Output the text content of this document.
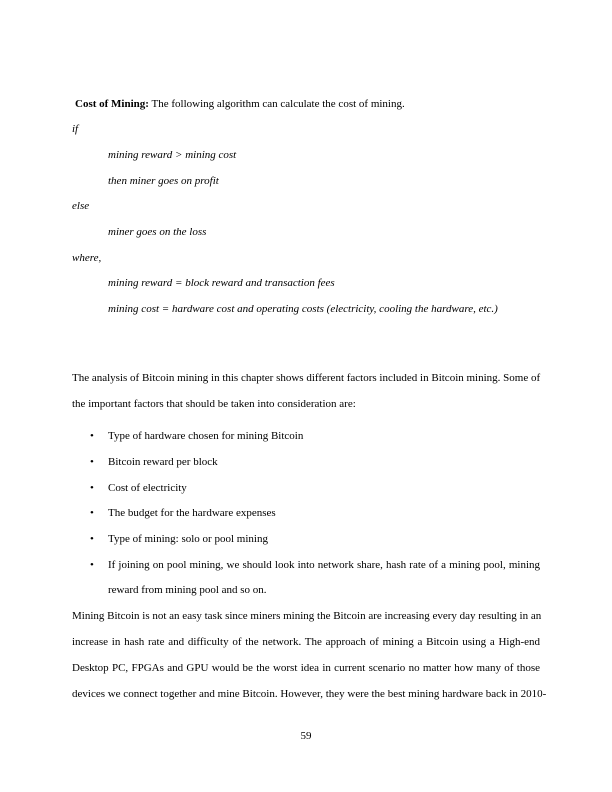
Cost of Mining: The following algorithm can calculate the cost of mining.
if
mining reward > mining cost
then miner goes on profit
else
miner goes on the loss
where,
mining reward = block reward and transaction fees
mining cost = hardware cost and operating costs (electricity, cooling the hardware, etc.)
The analysis of Bitcoin mining in this chapter shows different factors included in Bitcoin mining. Some of
the important factors that should be taken into consideration are:
• Type of hardware chosen for mining Bitcoin
• Bitcoin reward per block
• Cost of electricity
• The budget for the hardware expenses
• Type of mining: solo or pool mining
• If joining on pool mining, we should look into network share, hash rate of a mining pool, mining
reward from mining pool and so on.
Mining Bitcoin is not an easy task since miners mining the Bitcoin are increasing every day resulting in an
increase in hash rate and difficulty of the network. The approach of mining a Bitcoin using a High-end
Desktop PC, FPGAs and GPU would be the worst idea in current scenario no matter how many of those
devices we connect together and mine Bitcoin. However, they were the best mining hardware back in 2010-
59
